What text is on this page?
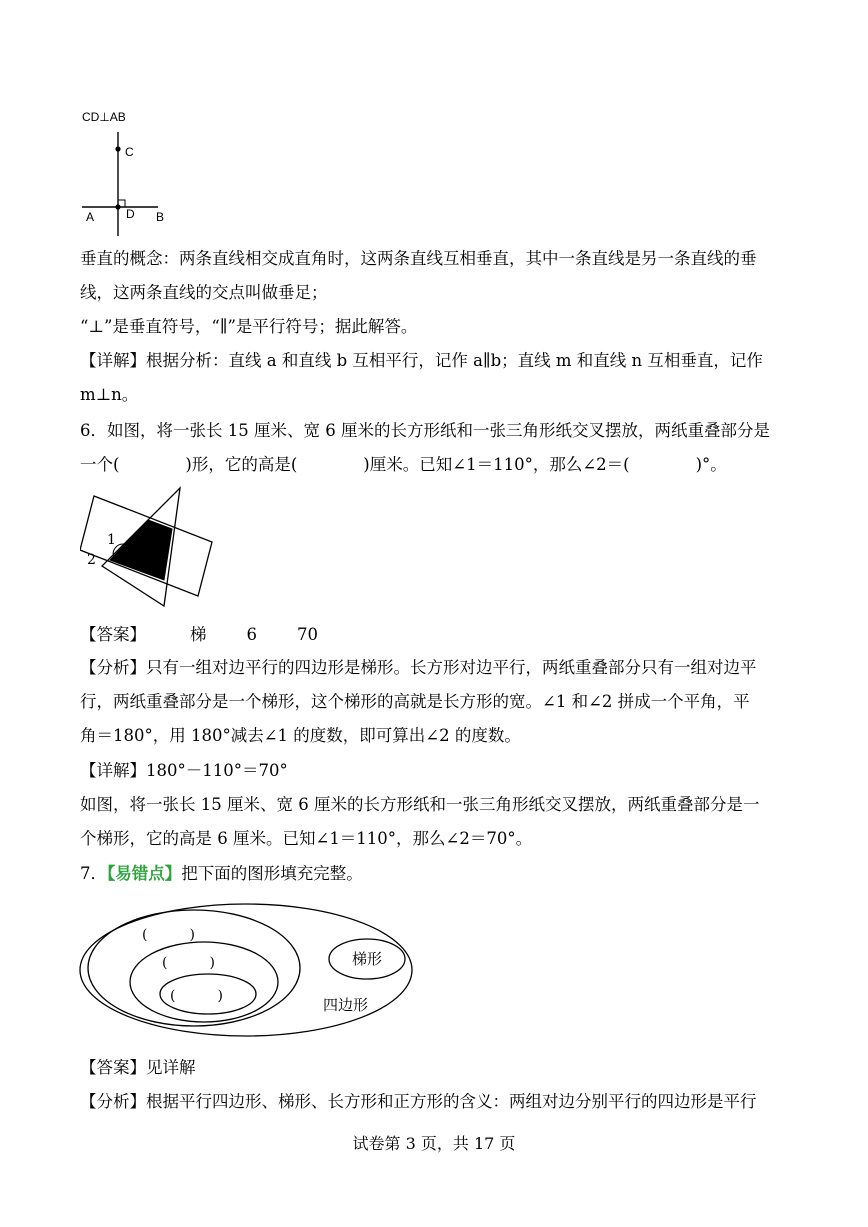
CD⊥AB
C
D
A	B
垂直的概念：两条直线相交成直角时，这两条直线互相垂直，其中一条直线是另一条直线的垂
线，这两条直线的交点叫做垂足；
“⊥”是垂直符号，“∥”是平行符号；据此解答。
【详解】根据分析：直线 a 和直线 b 互相平行，记作 a∥b；直线 m 和直线 n 互相垂直，记作
m⊥n。
6．如图，将一张长 15 厘米、宽 6 厘米的长方形纸和一张三角形纸交叉摆放，两纸重叠部分是
一个(　　　　)形，它的高是(　　　　)厘米。已知∠1＝110°，那么∠2＝(　　　　)°。
1
2
【答案】	梯 6 70
【分析】只有一组对边平行的四边形是梯形。长方形对边平行，两纸重叠部分只有一组对边平
行，两纸重叠部分是一个梯形，这个梯形的高就是长方形的宽。∠1 和∠2 拼成一个平角，平
角＝180°，用 180°减去∠1 的度数，即可算出∠2 的度数。
【详解】180°－110°＝70°
如图，将一张长 15 厘米、宽 6 厘米的长方形纸和一张三角形纸交叉摆放，两纸重叠部分是一
个梯形，它的高是 6 厘米。已知∠1＝110°，那么∠2＝70°。
7．【易错点】把下面的图形填充完整。
(　　　)
(　　　)
(　　　)
梯形
四边形
【答案】见详解
【分析】根据平行四边形、梯形、长方形和正方形的含义：两组对边分别平行的四边形是平行
试卷第 3 页，共 17 页
